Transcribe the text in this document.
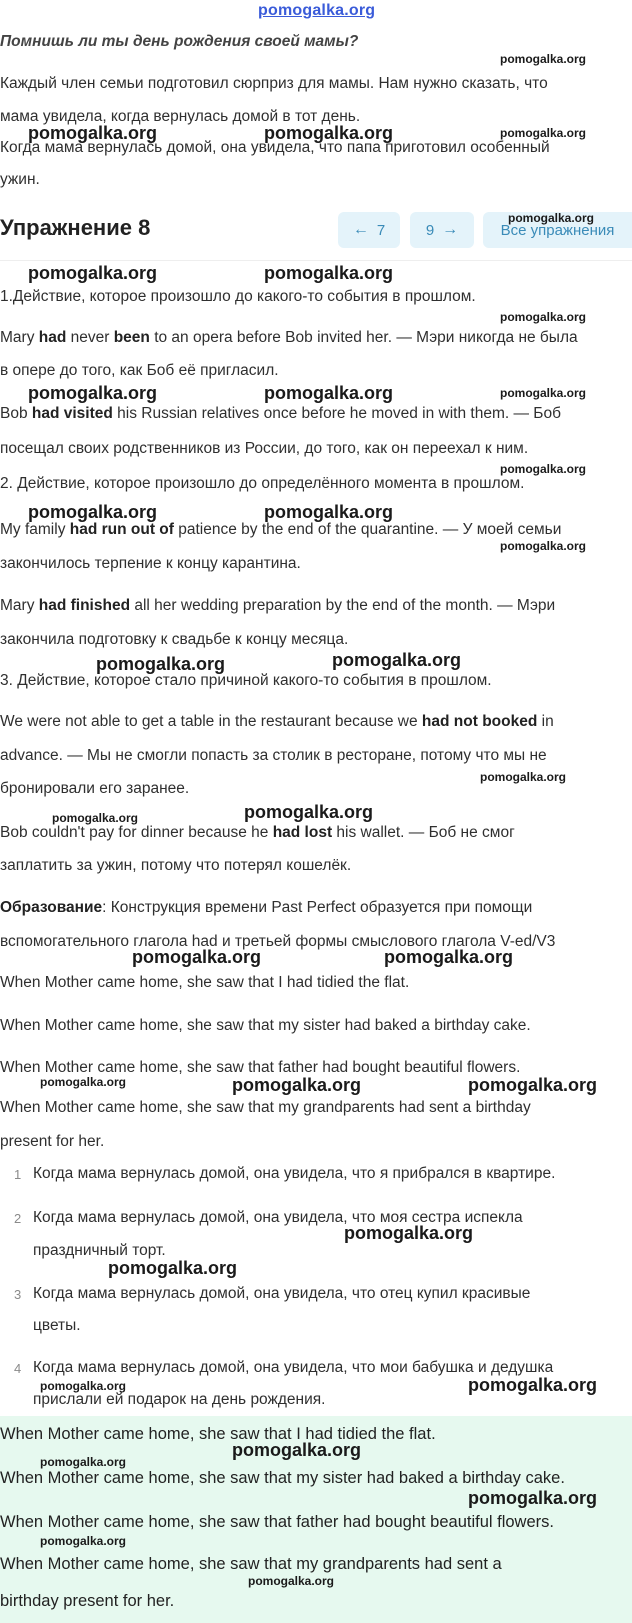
pomogalka.org
Помнишь ли ты день рождения своей мамы?
Каждый член семьи подготовил сюрприз для мамы. Нам нужно сказать, что
мама увидела, когда вернулась домой в тот день.
Когда мама вернулась домой, она увидела, что папа приготовил особенный
ужин.
Упражнение 8	← 7	9 →	Все упражнения
1.Действие, которое произошло до какого-то события в прошлом.
Mary had never been to an opera before Bob invited her. — Мэри никогда не была
в опере до того, как Боб её пригласил.
Bob had visited his Russian relatives once before he moved in with them. — Боб
посещал своих родственников из России, до того, как он переехал к ним.
2. Действие, которое произошло до определённого момента в прошлом.
My family had run out of patience by the end of the quarantine. — У моей семьи
закончилось терпение к концу карантина.
Mary had finished all her wedding preparation by the end of the month. — Мэри
закончила подготовку к свадьбе к концу месяца.
3. Действие, которое стало причиной какого-то события в прошлом.
We were not able to get a table in the restaurant because we had not booked in
advance. — Мы не смогли попасть за столик в ресторане, потому что мы не
бронировали его заранее.
Bob couldn't pay for dinner because he had lost his wallet. — Боб не смог
заплатить за ужин, потому что потерял кошелёк.
Образование: Конструкция времени Past Perfect образуется при помощи
вспомогательного глагола had и третьей формы смыслового глагола V-ed/V3
When Mother came home, she saw that I had tidied the flat.
When Mother came home, she saw that my sister had baked a birthday cake.
When Mother came home, she saw that father had bought beautiful flowers.
When Mother came home, she saw that my grandparents had sent a birthday
present for her.
1 Когда мама вернулась домой, она увидела, что я прибрался в квартире.
2 Когда мама вернулась домой, она увидела, что моя сестра испекла
праздничный торт.
3 Когда мама вернулась домой, она увидела, что отец купил красивые
цветы.
4 Когда мама вернулась домой, она увидела, что мои бабушка и дедушка
прислали ей подарок на день рождения.
When Mother came home, she saw that I had tidied the flat.
When Mother came home, she saw that my sister had baked a birthday cake.
When Mother came home, she saw that father had bought beautiful flowers.
When Mother came home, she saw that my grandparents had sent a
birthday present for her.
pomogalka.org
pomogalka.org
pomogalka.org	pomogalka.org
pomogalka.org
pomogalka.org	pomogalka.org
pomogalka.org
pomogalka.org	pomogalka.org	pomogalka.org
pomogalka.org
pomogalka.org	pomogalka.org
pomogalka.org
pomogalka.org	pomogalka.org
pomogalka.org
pomogalka.org
pomogalka.org
pomogalka.org	pomogalka.org
pomogalka.org	pomogalka.org	pomogalka.org
pomogalka.org
pomogalka.org
pomogalka.org	pomogalka.org
pomogalka.org
pomogalka.org
pomogalka.org
pomogalka.org
pomogalka.org
